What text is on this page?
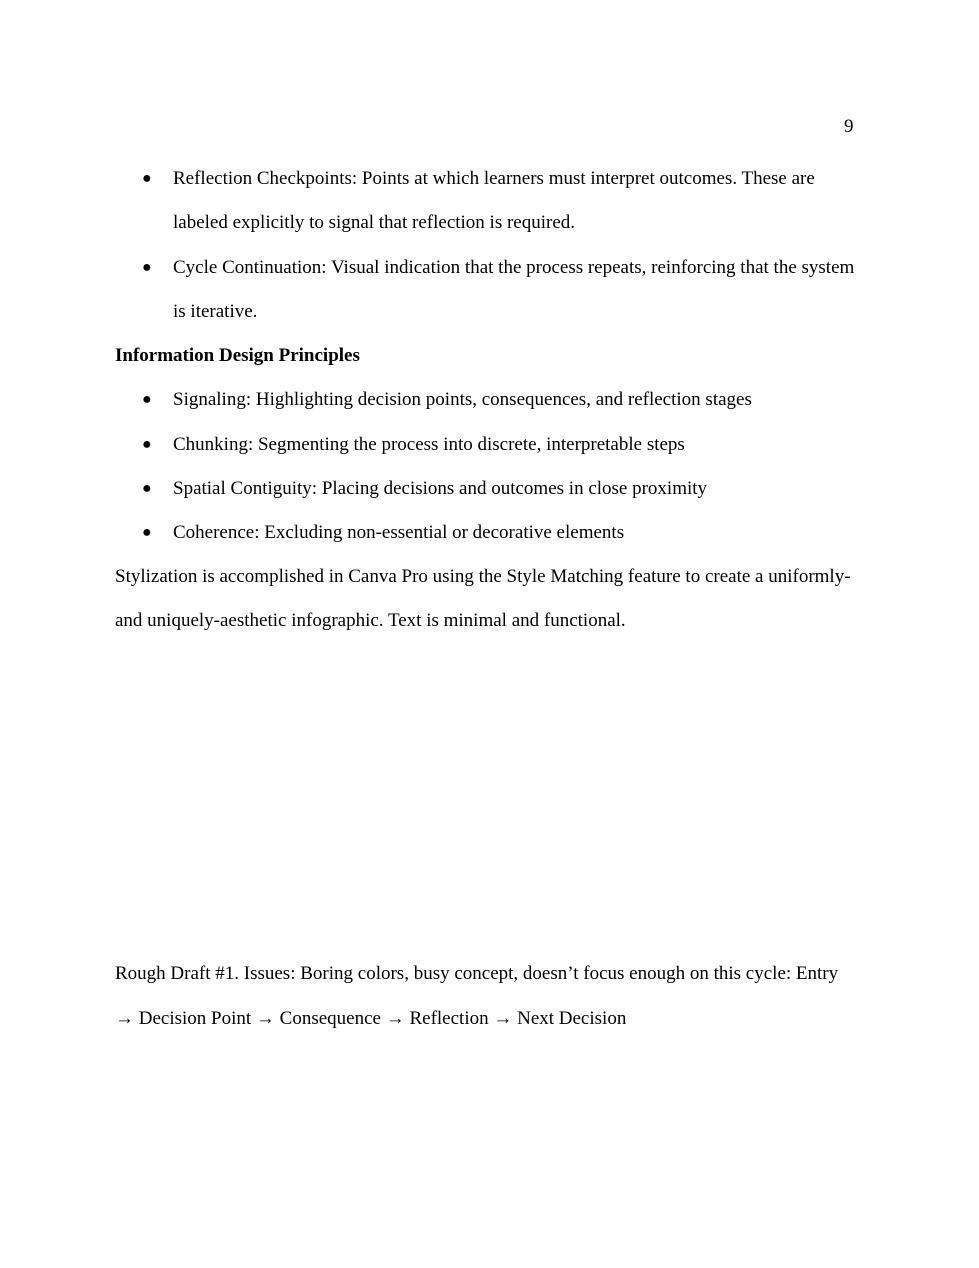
9
● Reflection Checkpoints: Points at which learners must interpret outcomes. These are
labeled explicitly to signal that reflection is required.
● Cycle Continuation: Visual indication that the process repeats, reinforcing that the system
is iterative.
Information Design Principles
● Signaling: Highlighting decision points, consequences, and reflection stages
● Chunking: Segmenting the process into discrete, interpretable steps
● Spatial Contiguity: Placing decisions and outcomes in close proximity
● Coherence: Excluding non-essential or decorative elements
Stylization is accomplished in Canva Pro using the Style Matching feature to create a uniformly-
and uniquely-aesthetic infographic. Text is minimal and functional.
Rough Draft #1. Issues: Boring colors, busy concept, doesn’t focus enough on this cycle: Entry
→ Decision Point → Consequence → Reflection → Next Decision
